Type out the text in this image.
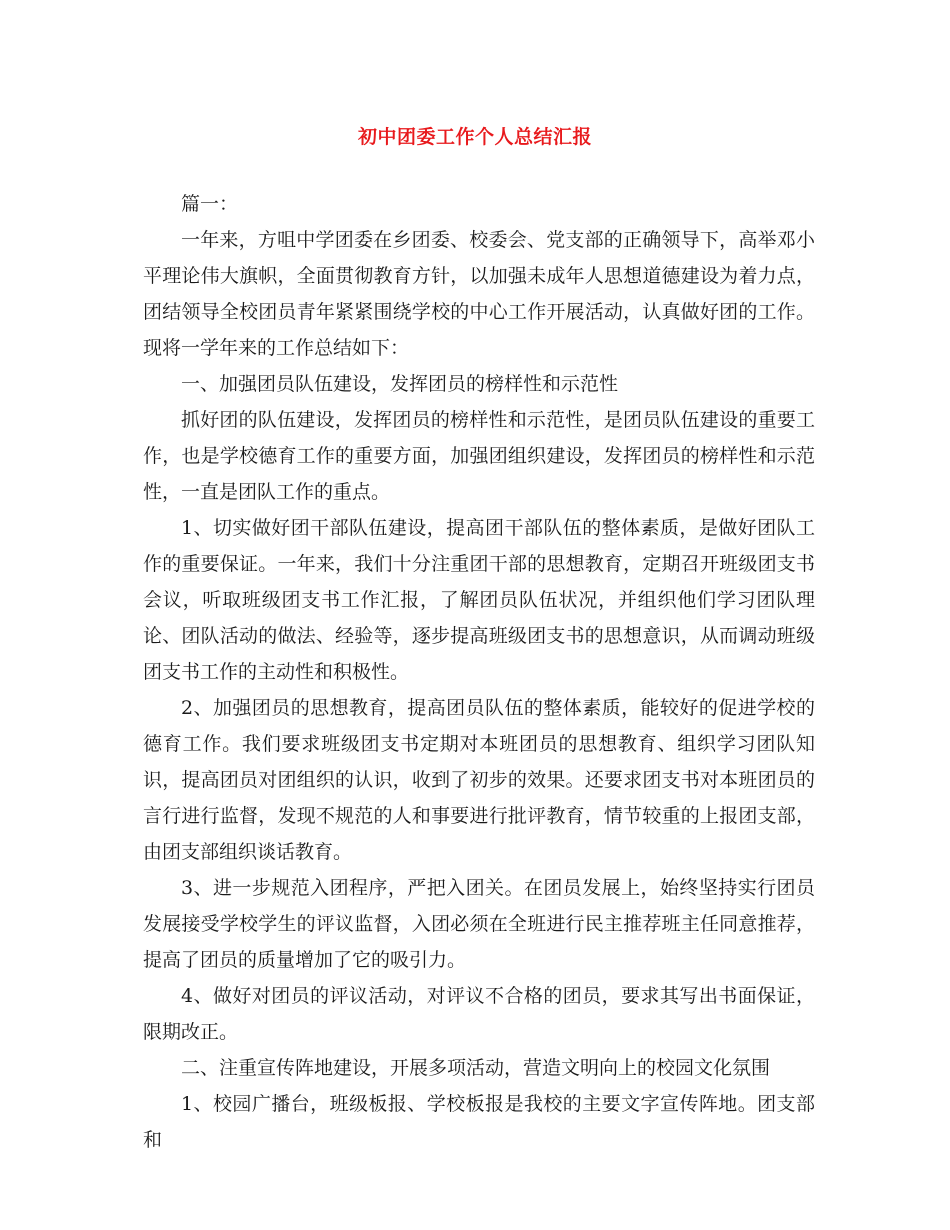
初中团委工作个人总结汇报

篇一：

一年来，方咀中学团委在乡团委、校委会、党支部的正确领导下，高举邓小平理论伟大旗帜，全面贯彻教育方针，以加强未成年人思想道德建设为着力点，团结领导全校团员青年紧紧围绕学校的中心工作开展活动，认真做好团的工作。现将一学年来的工作总结如下：

一、加强团员队伍建设，发挥团员的榜样性和示范性

抓好团的队伍建设，发挥团员的榜样性和示范性，是团员队伍建设的重要工作，也是学校德育工作的重要方面，加强团组织建设，发挥团员的榜样性和示范性，一直是团队工作的重点。

1、切实做好团干部队伍建设，提高团干部队伍的整体素质，是做好团队工作的重要保证。一年来，我们十分注重团干部的思想教育，定期召开班级团支书会议，听取班级团支书工作汇报，了解团员队伍状况，并组织他们学习团队理论、团队活动的做法、经验等，逐步提高班级团支书的思想意识，从而调动班级团支书工作的主动性和积极性。

2、加强团员的思想教育，提高团员队伍的整体素质，能较好的促进学校的德育工作。我们要求班级团支书定期对本班团员的思想教育、组织学习团队知识，提高团员对团组织的认识，收到了初步的效果。还要求团支书对本班团员的言行进行监督，发现不规范的人和事要进行批评教育，情节较重的上报团支部，由团支部组织谈话教育。

3、进一步规范入团程序，严把入团关。在团员发展上，始终坚持实行团员发展接受学校学生的评议监督，入团必须在全班进行民主推荐班主任同意推荐，提高了团员的质量增加了它的吸引力。

4、做好对团员的评议活动，对评议不合格的团员，要求其写出书面保证，限期改正。

二、注重宣传阵地建设，开展多项活动，营造文明向上的校园文化氛围

1、校园广播台，班级板报、学校板报是我校的主要文字宣传阵地。团支部和
